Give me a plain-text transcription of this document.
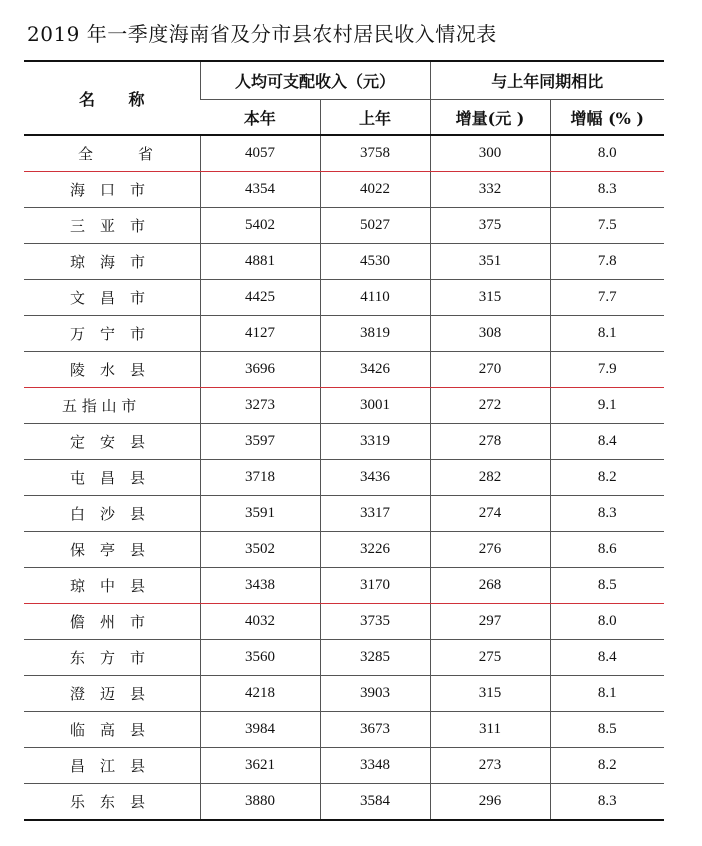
2019 年一季度海南省及分市县农村居民收入情况表
名 称	人均可支配收入（元）		与上年同期相比	
	本年	上年	增量(元 )	增幅 (% )
全　　　省	4057	3758	300	8.0
海　口　市	4354	4022	332	8.3
三　亚　市	5402	5027	375	7.5
琼　海　市	4881	4530	351	7.8
文　昌　市	4425	4110	315	7.7
万　宁　市	4127	3819	308	8.1
陵　水　县	3696	3426	270	7.9
五 指 山 市	3273	3001	272	9.1
定　安　县	3597	3319	278	8.4
屯　昌　县	3718	3436	282	8.2
白　沙　县	3591	3317	274	8.3
保　亭　县	3502	3226	276	8.6
琼　中　县	3438	3170	268	8.5
儋　州　市	4032	3735	297	8.0
东　方　市	3560	3285	275	8.4
澄　迈　县	4218	3903	315	8.1
临　高　县	3984	3673	311	8.5
昌　江　县	3621	3348	273	8.2
乐　东　县	3880	3584	296	8.3
